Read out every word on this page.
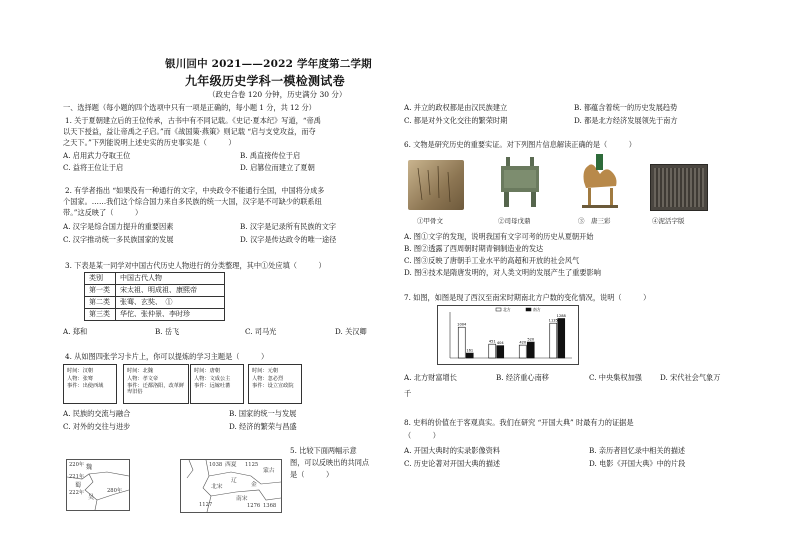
银川回中 2021——2022 学年度第二学期
九年级历史学科一模检测试卷
（政史合卷 120 分钟，历史满分 30 分）
一、选择题（每小题的四个选项中只有一项是正确的，每小题 1 分，共 12 分）
1. 关于夏朝建立后的王位传承，古书中有不同记载。《史记·夏本纪》写道，“帝禹
以天下授益，益让帝禹之子启。”而《战国策·燕策》则记载 “启与支党攻益，而夺
之天下。”下列能说明上述史实的历史事实是（　　　）
A. 启用武力夺取王位	B. 禹直接传位于启
C. 益将王位让于启	D. 启篡位而建立了夏朝
2. 有学者指出 “如果没有一种通行的文字，中央政令不能通行全国，中国将分成多
个国家。……我们这个综合国力来自多民族的统一大国，汉字是不可缺少的联系纽
带。”这反映了（　　　）
A. 汉字是综合国力提升的重要因素	B. 汉字是记录所有民族的文字
C. 汉字推动统一多民族国家的发展	D. 汉字是传达政令的唯一途径
3. 下表是某一同学对中国古代历史人物进行的分类整理，其中①处应填（　　　）
类别	中国古代人物
第一类	宋太祖、明成祖、康熙帝
第二类	张骞、玄奘、　①
第三类	华佗、张仲景、李时珍
A. 郑和	B. 岳飞	C. 司马光	D. 关汉卿
4. 从如图四张学习卡片上，你可以提炼的学习主题是（　　　）
时间：汉朝
人物：张骞
事件：出使西域
时间：北魏
人物：孝文帝
事件：迁都洛阳，改革鲜卑旧俗
时间：唐朝
人物：文成公主
事件：远嫁吐蕃
时间：元朝
人物：忽必烈
事件：设立宣政院
A. 民族的交流与融合	B. 国家的统一与发展
C. 对外的交往与进步	D. 经济的繁荣与昌盛
220年 魏
蜀
吴
280年
222年
221年
1038 西夏 1125
辽
北宋
1127
南宋
金
蒙古
1368
1276
5. 比较下面两幅示意
图，可以反映出的共同点
是（　　　）
A. 并立的政权都是由汉民族建立	B. 都蕴含着统一的历史发展趋势
C. 都是对外文化交往的繁荣时期	D. 都是北方经济发展领先于南方
6. 文物是研究历史的重要实证。对下列图片信息解读正确的是（　　　）
①甲骨文	②司母戊鼎	③　唐三彩	④泥活字版
A. 图①文字的发现，说明我国有文字可考的历史从夏朝开始
B. 图②透露了西周朝时期青铜制造业的发达
C. 图③反映了唐朝手工业水平的高超和开放的社会风气
D. 图④技术是隋唐发明的，对人类文明的发展产生了重要影响
7. 如图，如图是现了西汉至南宋时期南北方户数的变化情况，说明（　　　）
1004
451	420
1135
161
404
520
1288
北方	南方
A. 北方财富增长	B. 经济重心南移	C. 中央集权加强	D. 宋代社会气象万
千
8. 史料的价值在于客观真实。我们在研究 “开国大典” 时最有力的证据是
（　　　）
A. 开国大典时的实录影像资料	B. 亲历者回忆录中相关的描述
C. 历史论著对开国大典的描述	D. 电影《开国大典》中的片段
